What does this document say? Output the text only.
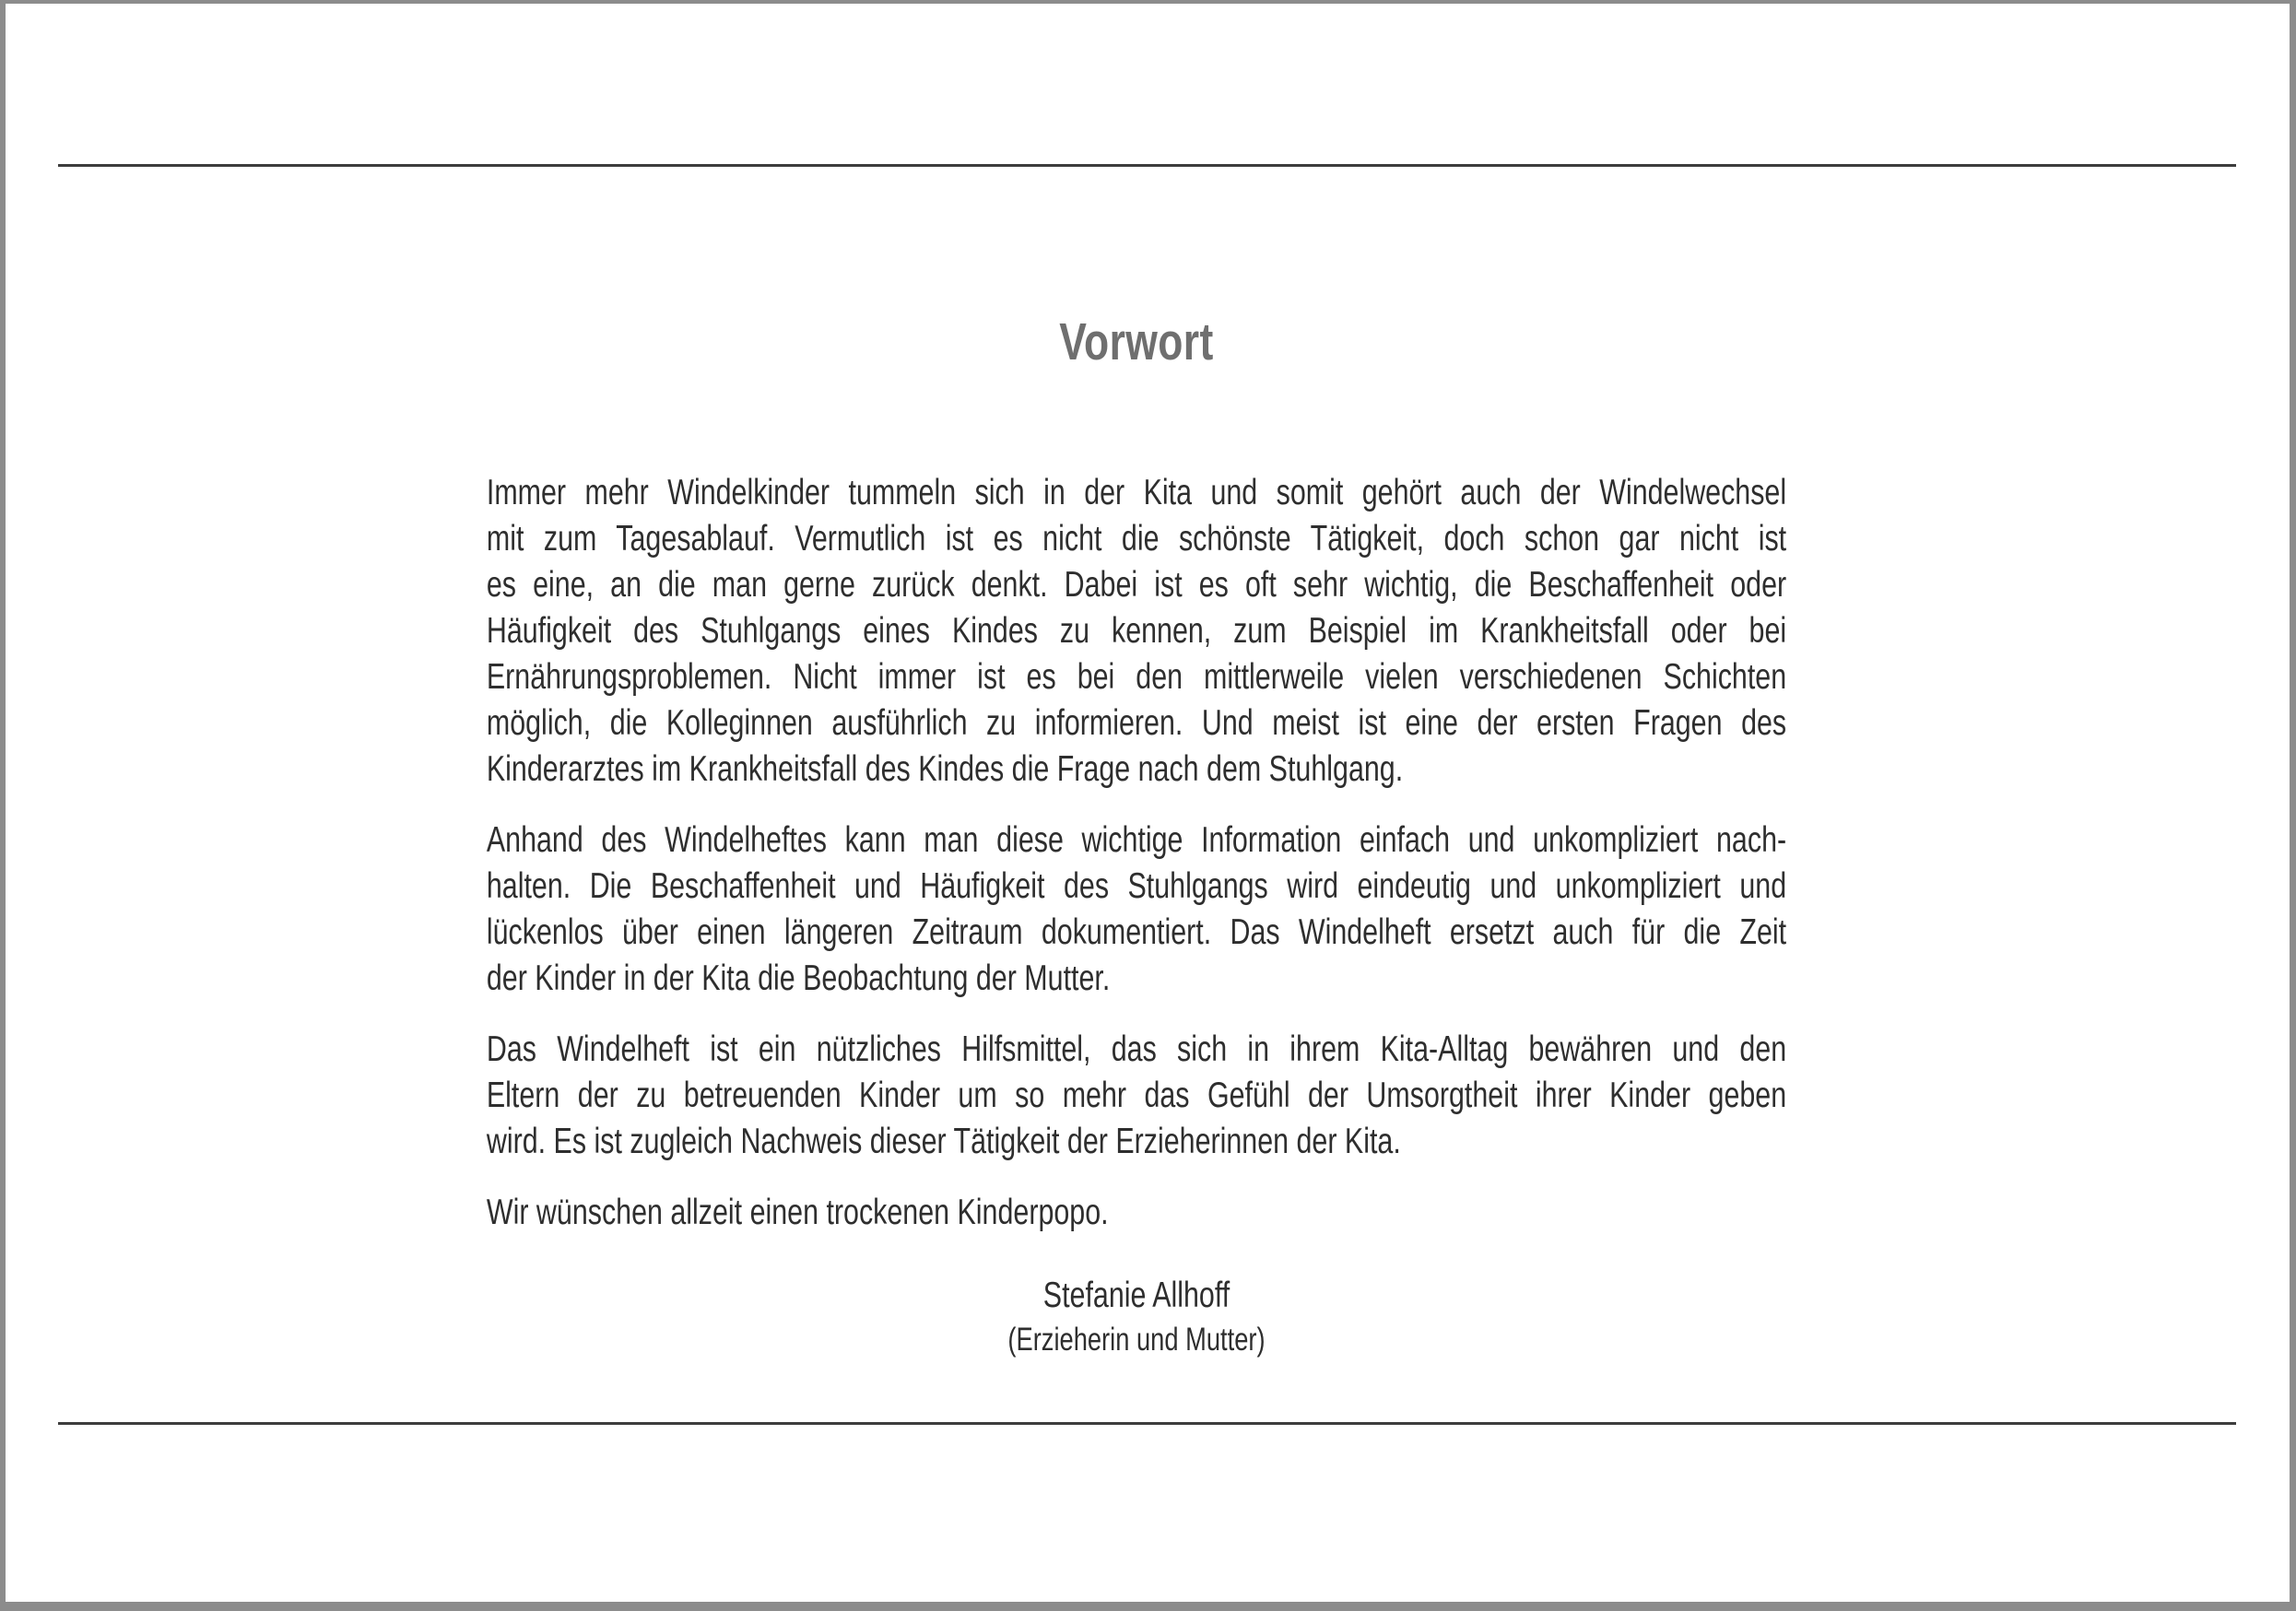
Vorwort
Immer mehr Windelkinder tummeln sich in der Kita und somit gehört auch der Windelwechsel
mit zum Tagesablauf. Vermutlich ist es nicht die schönste Tätigkeit, doch schon gar nicht ist
es eine, an die man gerne zurück denkt. Dabei ist es oft sehr wichtig, die Beschaffenheit oder
Häufigkeit des Stuhlgangs eines Kindes zu kennen, zum Beispiel im Krankheitsfall oder bei
Ernährungsproblemen. Nicht immer ist es bei den mittlerweile vielen verschiedenen Schichten
möglich, die Kolleginnen ausführlich zu informieren. Und meist ist eine der ersten Fragen des
Kinderarztes im Krankheitsfall des Kindes die Frage nach dem Stuhlgang.
Anhand des Windelheftes kann man diese wichtige Information einfach und unkompliziert nach-
halten. Die Beschaffenheit und Häufigkeit des Stuhlgangs wird eindeutig und unkompliziert und
lückenlos über einen längeren Zeitraum dokumentiert. Das Windelheft ersetzt auch für die Zeit
der Kinder in der Kita die Beobachtung der Mutter.
Das Windelheft ist ein nützliches Hilfsmittel, das sich in ihrem Kita-Alltag bewähren und den
Eltern der zu betreuenden Kinder um so mehr das Gefühl der Umsorgtheit ihrer Kinder geben
wird. Es ist zugleich Nachweis dieser Tätigkeit der Erzieherinnen der Kita.
Wir wünschen allzeit einen trockenen Kinderpopo.
Stefanie Allhoff
(Erzieherin und Mutter)
